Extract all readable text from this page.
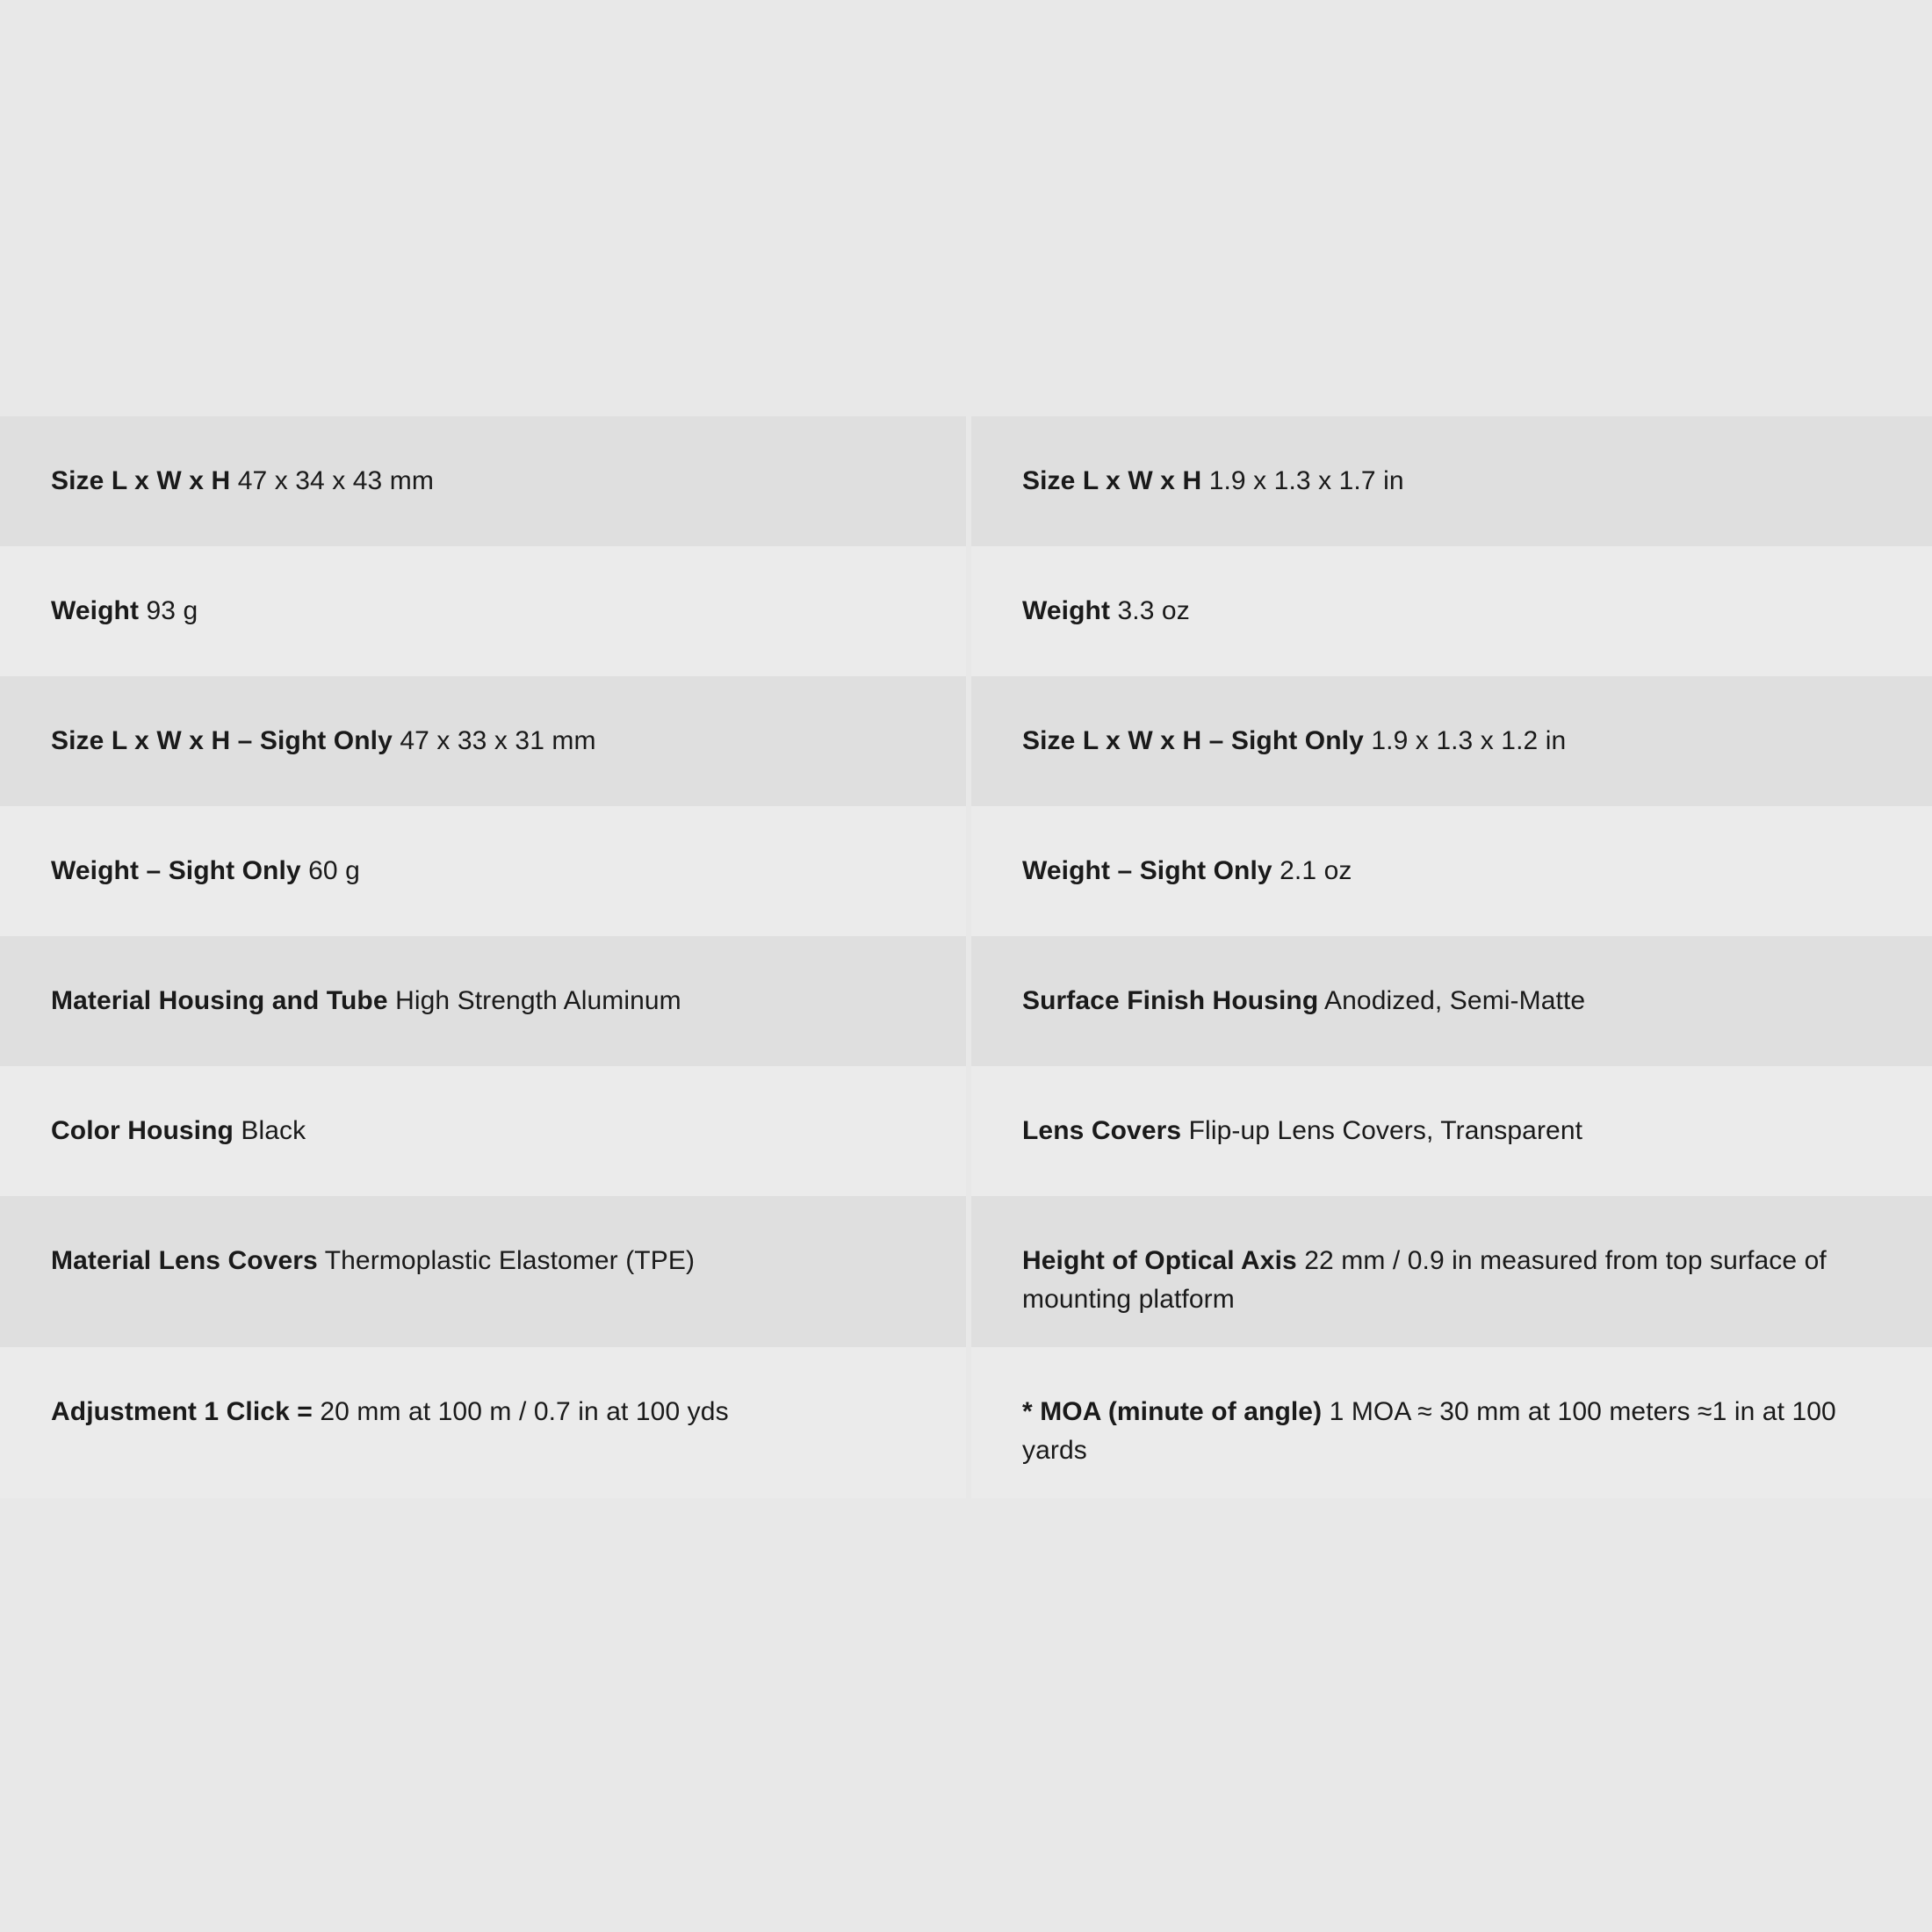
Size L x W x H 47 x 34 x 43 mm	Size L x W x H 1.9 x 1.3 x 1.7 in
Weight 93 g	Weight 3.3 oz
Size L x W x H – Sight Only 47 x 33 x 31 mm	Size L x W x H – Sight Only 1.9 x 1.3 x 1.2 in
Weight – Sight Only 60 g	Weight – Sight Only 2.1 oz
Material Housing and Tube High Strength Aluminum	Surface Finish Housing Anodized, Semi-Matte
Color Housing Black	Lens Covers Flip-up Lens Covers, Transparent
Material Lens Covers Thermoplastic Elastomer (TPE)	Height of Optical Axis 22 mm / 0.9 in measured from top surface of mounting platform
Adjustment 1 Click = 20 mm at 100 m / 0.7 in at 100 yds	* MOA (minute of angle) 1 MOA ≈ 30 mm at 100 meters ≈1 in at 100 yards
